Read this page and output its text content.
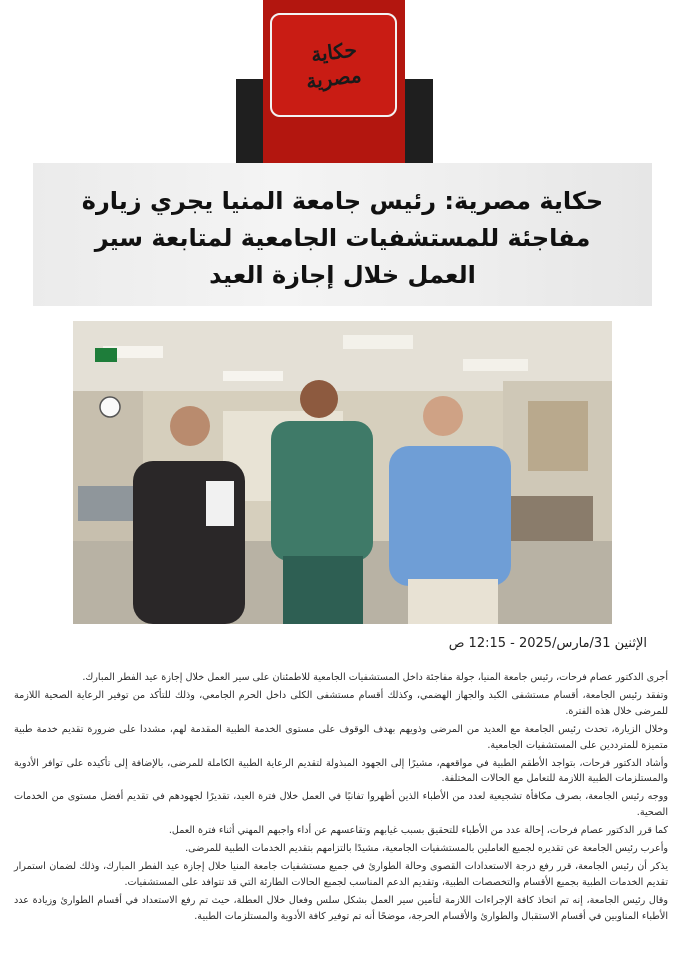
حكاية
مصرية
حكاية مصرية: رئيس جامعة المنيا يجري زيارة مفاجئة للمستشفيات الجامعية لمتابعة سير العمل خلال إجازة العيد
الإثنين 31/مارس/2025 - 12:15 ص

أجرى الدكتور عصام فرحات، رئيس جامعة المنيا، جولة مفاجئة داخل المستشفيات الجامعية للاطمئنان على سير العمل خلال إجازة عيد الفطر المبارك.

وتفقد رئيس الجامعة، أقسام مستشفى الكبد والجهاز الهضمي، وكذلك أقسام مستشفى الكلى داخل الحرم الجامعي، وذلك للتأكد من توفير الرعاية الصحية اللازمة للمرضى خلال هذه الفترة.

وخلال الزيارة، تحدث رئيس الجامعة مع العديد من المرضى وذويهم بهدف الوقوف على مستوى الخدمة الطبية المقدمة لهم، مشددا على ضرورة تقديم خدمة طبية متميزة للمترددين على المستشفيات الجامعية.

وأشاد الدكتور فرحات، بتواجد الأطقم الطبية في مواقعهم، مشيرًا إلى الجهود المبذولة لتقديم الرعاية الطبية الكاملة للمرضى، بالإضافة إلى تأكيده على توافر الأدوية والمستلزمات الطبية اللازمة للتعامل مع الحالات المختلفة.

ووجه رئيس الجامعة، بصرف مكافأة تشجيعية لعدد من الأطباء الذين أظهروا تفانيًا في العمل خلال فترة العيد، تقديرًا لجهودهم في تقديم أفضل مستوى من الخدمات الصحية.

كما قرر الدكتور عصام فرحات، إحالة عدد من الأطباء للتحقيق بسبب غيابهم وتقاعسهم عن أداء واجبهم المهني أثناء فترة العمل.

وأعرب رئيس الجامعة عن تقديره لجميع العاملين بالمستشفيات الجامعية، مشيدًا بالتزامهم بتقديم الخدمات الطبية للمرضى.

يذكر أن رئيس الجامعة، قرر رفع درجة الاستعدادات القصوى وحالة الطوارئ في جميع مستشفيات جامعة المنيا خلال إجازة عيد الفطر المبارك، وذلك لضمان استمرار تقديم الخدمات الطبية بجميع الأقسام والتخصصات الطبية، وتقديم الدعم المناسب لجميع الحالات الطارئة التي قد تتوافد على المستشفيات.

وقال رئيس الجامعة، إنه تم اتخاذ كافة الإجراءات اللازمة لتأمين سير العمل بشكل سلس وفعال خلال العطلة، حيث تم رفع الاستعداد في أقسام الطوارئ وزيادة عدد الأطباء المناوبين في أقسام الاستقبال والطوارئ والأقسام الحرجة، موضحًا أنه تم توفير كافة الأدوية والمستلزمات الطبية.
